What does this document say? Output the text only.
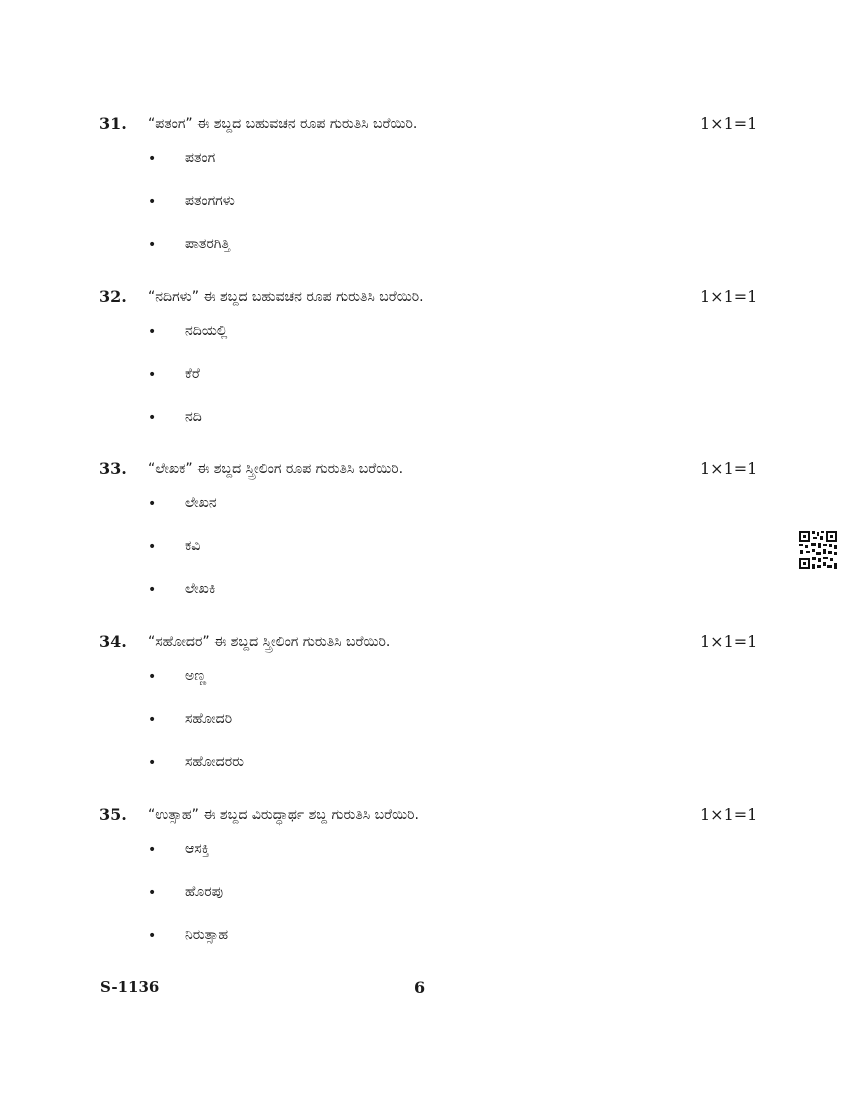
31. “ಪತಂಗ” ಈ ಶಬ್ದದ ಬಹುವಚನ ರೂಪ ಗುರುತಿಸಿ ಬರೆಯಿರಿ.	1×1=1
• ಪತಂಗ
• ಪತಂಗಗಳು
• ಪಾತರಗಿತ್ತಿ
32. “ನದಿಗಳು” ಈ ಶಬ್ದದ ಬಹುವಚನ ರೂಪ ಗುರುತಿಸಿ ಬರೆಯಿರಿ.	1×1=1
• ನದಿಯಲ್ಲಿ
• ಕೆರೆ
• ನದಿ
33. “ಲೇಖಕ” ಈ ಶಬ್ದದ ಸ್ತ್ರೀಲಿಂಗ ರೂಪ ಗುರುತಿಸಿ ಬರೆಯಿರಿ.	1×1=1
• ಲೇಖನ
• ಕವಿ
• ಲೇಖಕಿ
34. “ಸಹೋದರ” ಈ ಶಬ್ದದ ಸ್ತ್ರೀಲಿಂಗ ಗುರುತಿಸಿ ಬರೆಯಿರಿ.	1×1=1
• ಅಣ್ಣ
• ಸಹೋದರಿ
• ಸಹೋದರರು
35. “ಉತ್ಸಾಹ” ಈ ಶಬ್ದದ ವಿರುದ್ಧಾರ್ಥ ಶಬ್ದ ಗುರುತಿಸಿ ಬರೆಯಿರಿ.	1×1=1
• ಆಸಕ್ತಿ
• ಹೊರಪು
• ನಿರುತ್ಸಾಹ
S-1136	6
